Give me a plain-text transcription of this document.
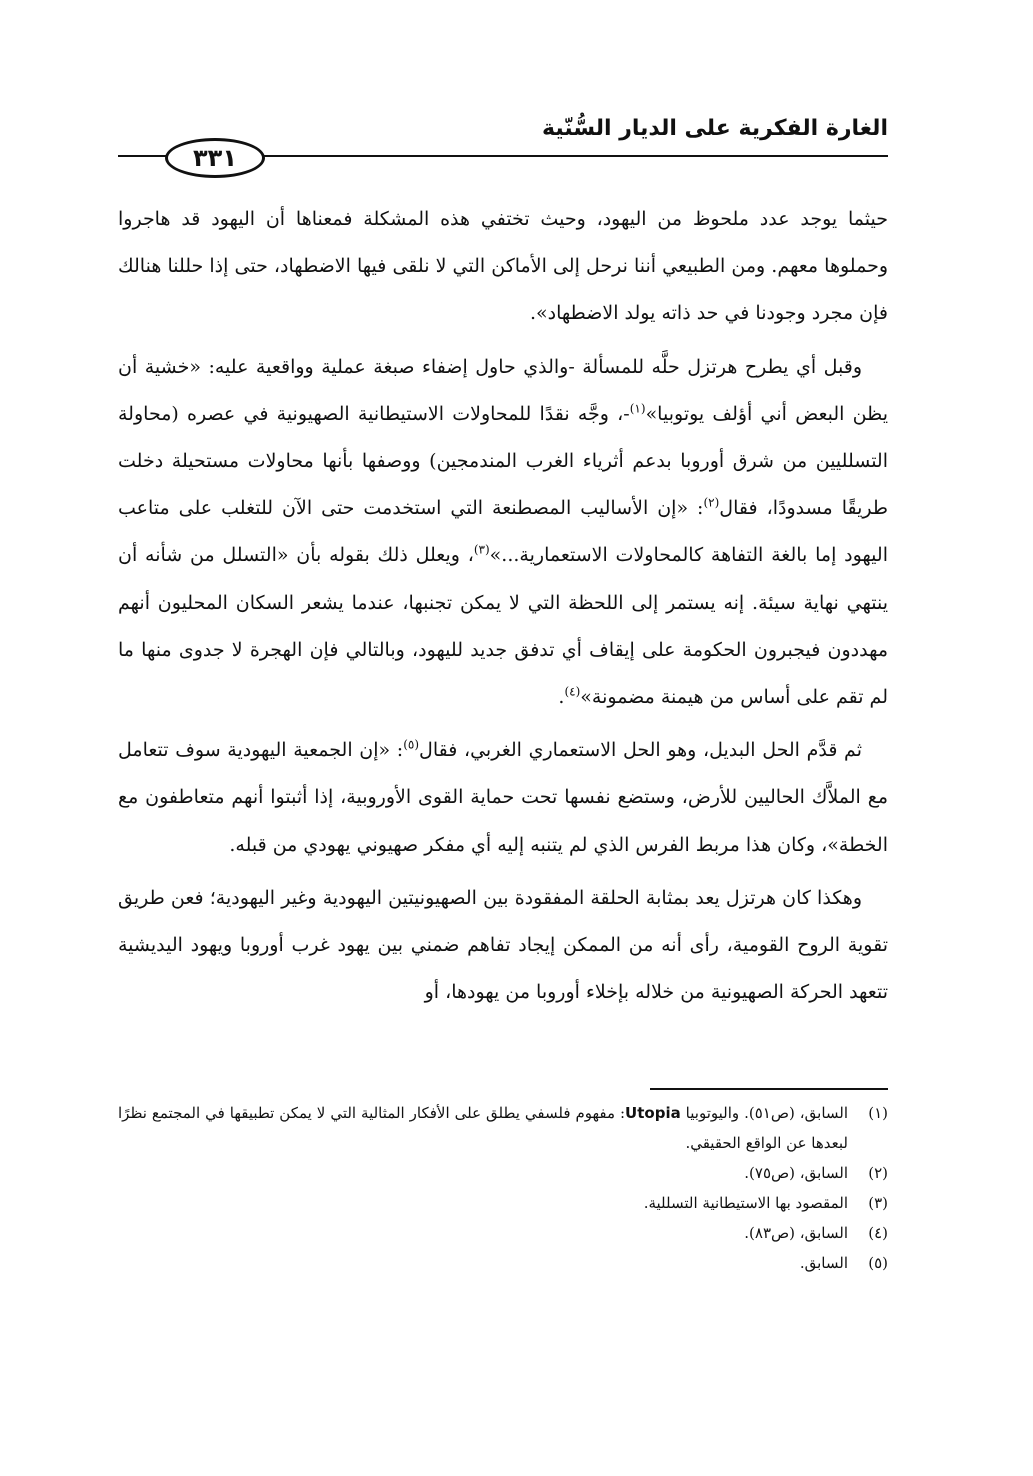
الغارة الفكرية على الديار السُّنّية
٣٣١

حيثما يوجد عدد ملحوظ من اليهود، وحيث تختفي هذه المشكلة فمعناها أن اليهود قد هاجروا وحملوها معهم. ومن الطبيعي أننا نرحل إلى الأماكن التي لا نلقى فيها الاضطهاد، حتى إذا حللنا هنالك فإن مجرد وجودنا في حد ذاته يولد الاضطهاد».

وقبل أي يطرح هرتزل حلَّه للمسألة -والذي حاول إضفاء صبغة عملية وواقعية عليه: «خشية أن يظن البعض أني أؤلف يوتوبيا»$^{(١)}$-، وجَّه نقدًا للمحاولات الاستيطانية الصهيونية في عصره (محاولة التسلليين من شرق أوروبا بدعم أثرياء الغرب المندمجين) ووصفها بأنها محاولات مستحيلة دخلت طريقًا مسدودًا، فقال$^{(٢)}$: «إن الأساليب المصطنعة التي استخدمت حتى الآن للتغلب على متاعب اليهود إما بالغة التفاهة كالمحاولات الاستعمارية...»$^{(٣)}$، ويعلل ذلك بقوله بأن «التسلل من شأنه أن ينتهي نهاية سيئة. إنه يستمر إلى اللحظة التي لا يمكن تجنبها، عندما يشعر السكان المحليون أنهم مهددون فيجبرون الحكومة على إيقاف أي تدفق جديد لليهود، وبالتالي فإن الهجرة لا جدوى منها ما لم تقم على أساس من هيمنة مضمونة»$^{(٤)}$.

ثم قدَّم الحل البديل، وهو الحل الاستعماري الغربي، فقال$^{(٥)}$: «إن الجمعية اليهودية سوف تتعامل مع الملاَّك الحاليين للأرض، وستضع نفسها تحت حماية القوى الأوروبية، إذا أثبتوا أنهم متعاطفون مع الخطة»، وكان هذا مربط الفرس الذي لم يتنبه إليه أي مفكر صهيوني يهودي من قبله.

وهكذا كان هرتزل يعد بمثابة الحلقة المفقودة بين الصهيونيتين اليهودية وغير اليهودية؛ فعن طريق تقوية الروح القومية، رأى أنه من الممكن إيجاد تفاهم ضمني بين يهود غرب أوروبا ويهود اليديشية تتعهد الحركة الصهيونية من خلاله بإخلاء أوروبا من يهودها، أو

(١)
السابق، (ص٥١). واليوتوبيا Utopia: مفهوم فلسفي يطلق على الأفكار المثالية التي لا يمكن تطبيقها في المجتمع نظرًا لبعدها عن الواقع الحقيقي.
(٢)
السابق، (ص٧٥).
(٣)
المقصود بها الاستيطانية التسللية.
(٤)
السابق، (ص٨٣).
(٥)
السابق.
